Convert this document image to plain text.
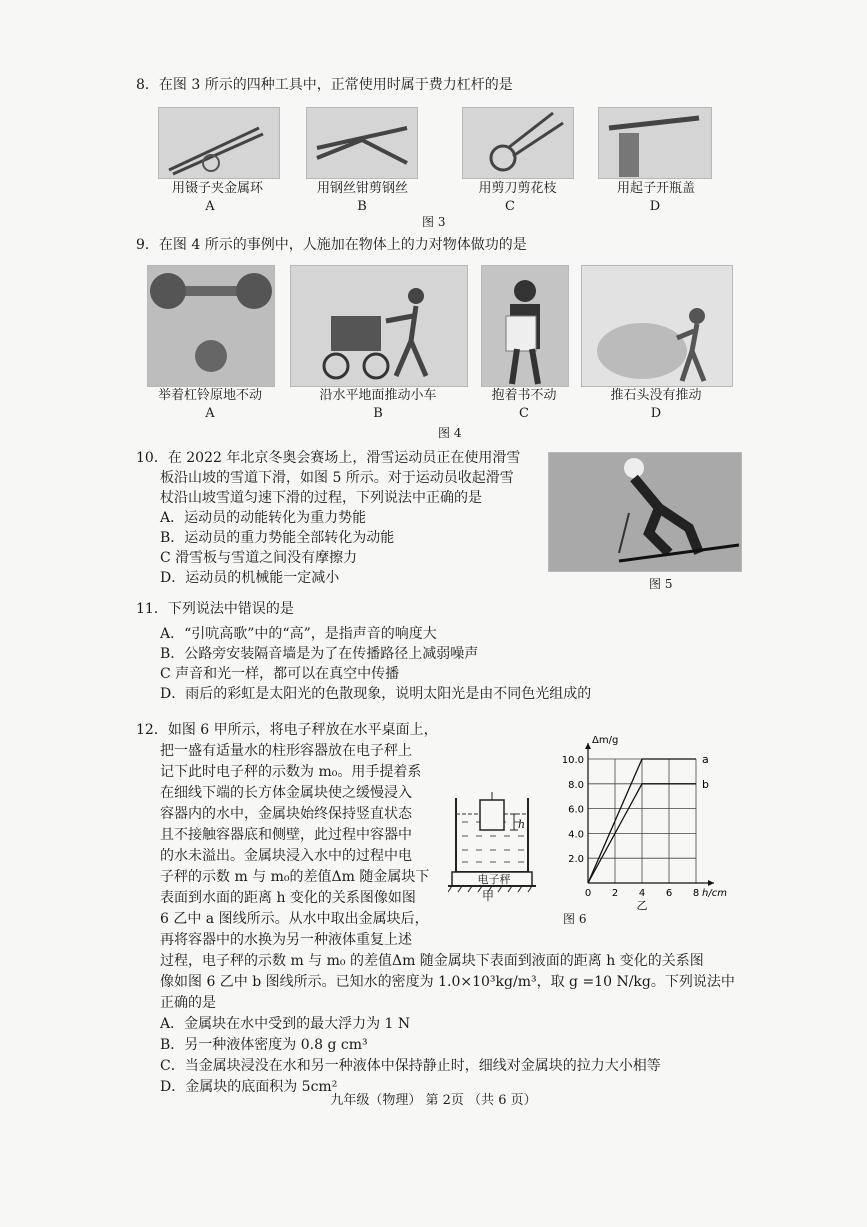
8．在图 3 所示的四种工具中，正常使用时属于费力杠杆的是
用镊子夹金属环	用钢丝钳剪钢丝	用剪刀剪花枝	用起子开瓶盖
A	B	C	D
图 3
9．在图 4 所示的事例中，人施加在物体上的力对物体做功的是
举着杠铃原地不动	沿水平地面推动小车	抱着书不动	推石头没有推动
A	B	C	D
图 4
10．在 2022 年北京冬奥会赛场上，滑雪运动员正在使用滑雪
板沿山坡的雪道下滑，如图 5 所示。对于运动员收起滑雪
杖沿山坡雪道匀速下滑的过程，下列说法中正确的是
A．运动员的动能转化为重力势能
B．运动员的重力势能全部转化为动能
C 滑雪板与雪道之间没有摩擦力
D．运动员的机械能一定减小	图 5
11．下列说法中错误的是
A．“引吭高歌”中的“高”，是指声音的响度大
B．公路旁安装隔音墙是为了在传播路径上减弱噪声
C 声音和光一样，都可以在真空中传播
D．雨后的彩虹是太阳光的色散现象，说明太阳光是由不同色光组成的
12．如图 6 甲所示，将电子秤放在水平桌面上，
把一盛有适量水的柱形容器放在电子秤上
记下此时电子秤的示数为 m₀。用手提着系
在细线下端的长方体金属块使之缓慢浸入
容器内的水中，金属块始终保持竖直状态
且不接触容器底和侧壁，此过程中容器中
的水未溢出。金属块浸入水中的过程中电
子秤的示数 m 与 m₀的差值Δm 随金属块下
表面到水面的距离 h 变化的关系图像如图
6 乙中 a 图线所示。从水中取出金属块后，
再将容器中的水换为另一种液体重复上述
过程，电子秤的示数 m 与 m₀ 的差值Δm 随金属块下表面到液面的距离 h 变化的关系图
像如图 6 乙中 b 图线所示。已知水的密度为 1.0×10³kg/m³，取 g =10 N/kg。下列说法中
正确的是
A．金属块在水中受到的最大浮力为 1 N
B．另一种液体密度为 0.8 g cm³
C．当金属块浸没在水和另一种液体中保持静止时，细线对金属块的拉力大小相等
D．金属块的底面积为 5cm²
h
电子秤
甲	0 2 4 6 8
2.0
4.0
6.0
8.0
10.0
h/cm
Δm/g
乙
a
b
图 6
九年级（物理） 第 2页 （共 6 页）
